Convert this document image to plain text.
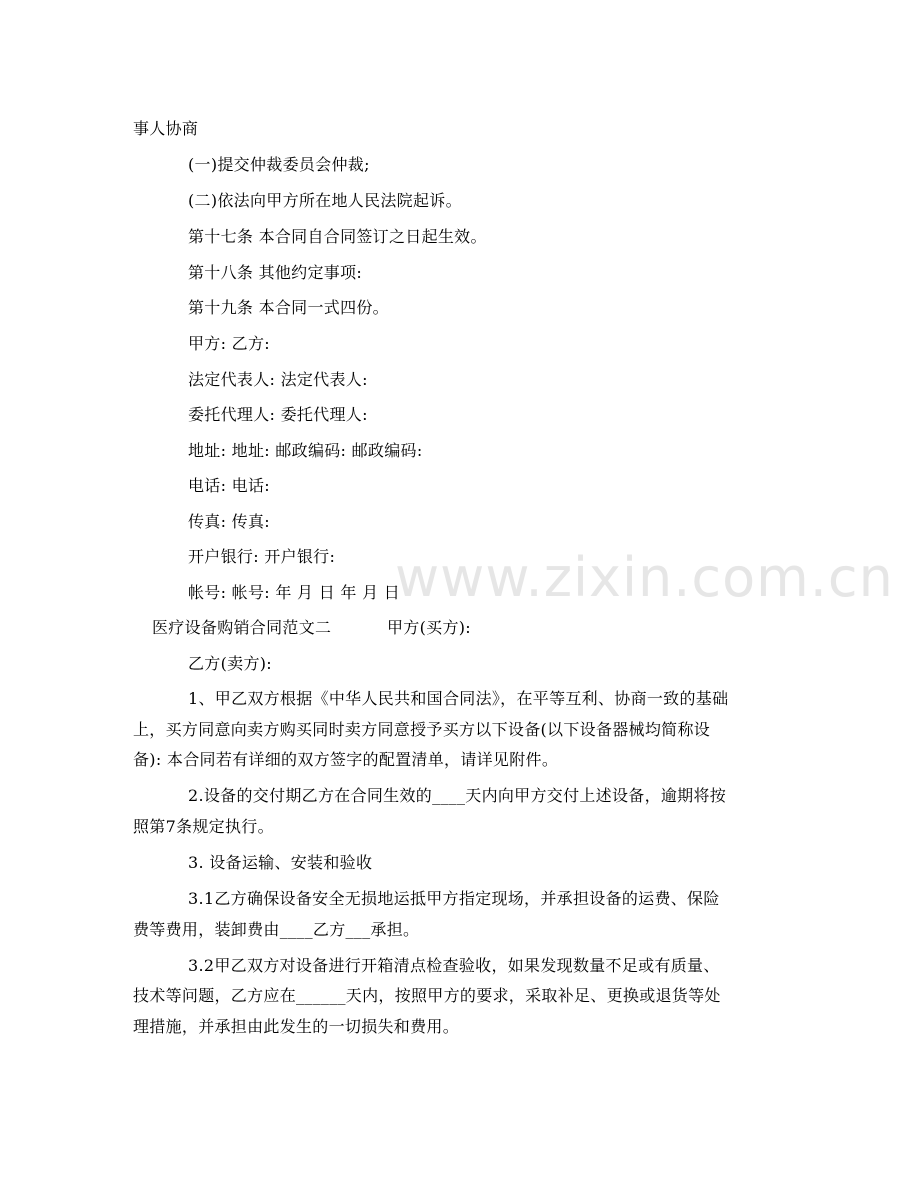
www.zixin.com.cn
事人协商
(一)提交仲裁委员会仲裁;
(二)依法向甲方所在地人民法院起诉。
第十七条 本合同自合同签订之日起生效。
第十八条 其他约定事项:
第十九条 本合同一式四份。
甲方: 乙方:
法定代表人: 法定代表人:
委托代理人: 委托代理人:
地址: 地址: 邮政编码: 邮政编码:
电话: 电话:
传真: 传真:
开户银行: 开户银行:
帐号: 帐号: 年 月 日 年 月 日
医疗设备购销合同范文二	甲方(买方):
乙方(卖方):
1、甲乙双方根据《中华人民共和国合同法》，在平等互利、协商一致的基础
上，买方同意向卖方购买同时卖方同意授予买方以下设备(以下设备器械均简称设
备): 本合同若有详细的双方签字的配置清单，请详见附件。
2.设备的交付期乙方在合同生效的____天内向甲方交付上述设备，逾期将按
照第7条规定执行。
3. 设备运输、安装和验收
3.1乙方确保设备安全无损地运抵甲方指定现场，并承担设备的运费、保险
费等费用，装卸费由____乙方___承担。
3.2甲乙双方对设备进行开箱清点检查验收，如果发现数量不足或有质量、
技术等问题，乙方应在______天内，按照甲方的要求，采取补足、更换或退货等处
理措施，并承担由此发生的一切损失和费用。
